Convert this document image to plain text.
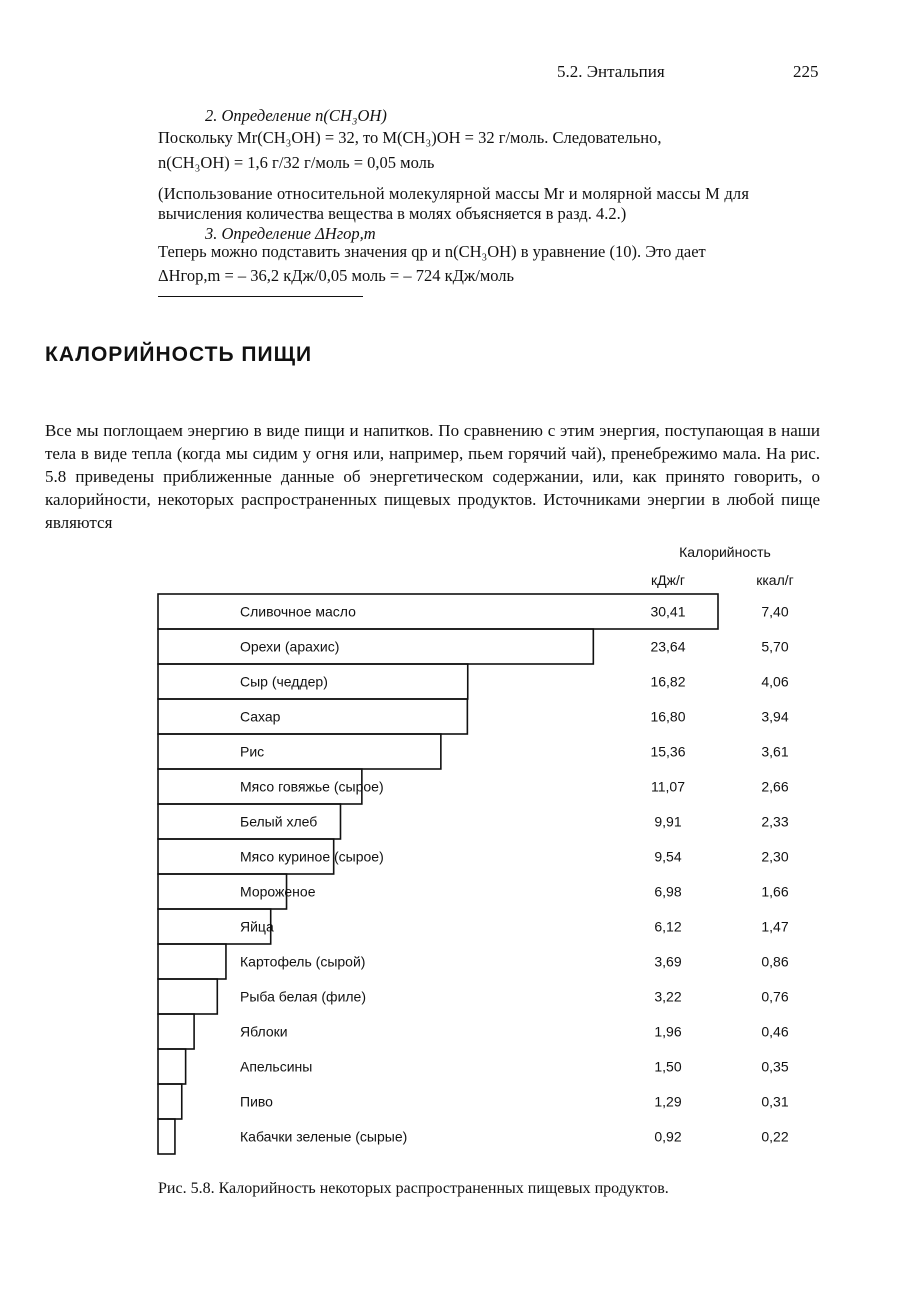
5.2. Энтальпия	225
2. Определение n(CH₃OH)
Поскольку Mr(CH₃OH) = 32, то M(CH₃)OH = 32 г/моль. Следовательно,
n(CH₃OH) = 1,6 г/32 г/моль = 0,05 моль
(Использование относительной молекулярной массы Mr и молярной массы M для
вычисления количества вещества в молях объясняется в разд. 4.2.)
3. Определение ΔHгор,m
Теперь можно подставить значения qp и n(CH₃OH) в уравнение (10). Это дает
ΔHгор,m = – 36,2 кДж/0,05 моль = – 724 кДж/моль
КАЛОРИЙНОСТЬ ПИЩИ
Все мы поглощаем энергию в виде пищи и напитков. По сравнению с этим энергия, поступающая в наши тела в виде тепла (когда мы сидим у огня или, например, пьем горячий чай), пренебрежимо мала. На рис. 5.8 приведены приближенные данные об энергетическом содержании, или, как принято говорить, о калорийности, некоторых распространенных пищевых продуктов. Источниками энергии в любой пище являются
Калорийность
кДж/г	ккал/г
Сливочное масло	30,41	7,40
Орехи (арахис)	23,64	5,70
Сыр (чеддер)	16,82	4,06
Сахар	16,80	3,94
Рис	15,36	3,61
Мясо говяжье (сырое)	11,07	2,66
Белый хлеб	9,91	2,33
Мясо куриное (сырое)	9,54	2,30
Мороженое	6,98	1,66
Яйца	6,12	1,47
Картофель (сырой)	3,69	0,86
Рыба белая (филе)	3,22	0,76
Яблоки	1,96	0,46
Апельсины	1,50	0,35
Пиво	1,29	0,31
Кабачки зеленые (сырые)	0,92	0,22
Рис. 5.8. Калорийность некоторых распространенных пищевых продуктов.
